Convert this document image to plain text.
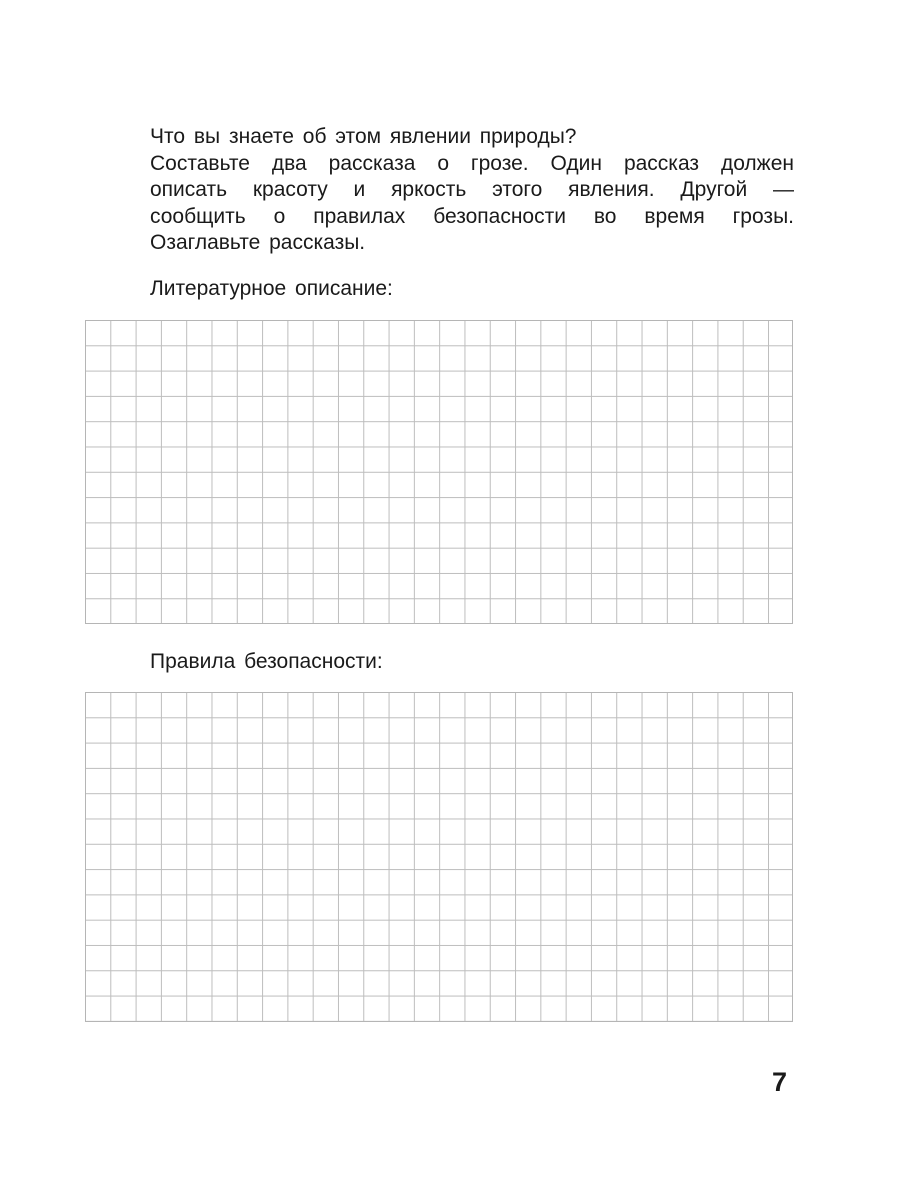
Что вы знаете об этом явлении природы?
Составьте два рассказа о грозе. Один рассказ должен
описать красоту и яркость этого явления. Другой —
сообщить о правилах безопасности во время грозы.
Озаглавьте рассказы.
Литературное описание:
Правила безопасности:
7
